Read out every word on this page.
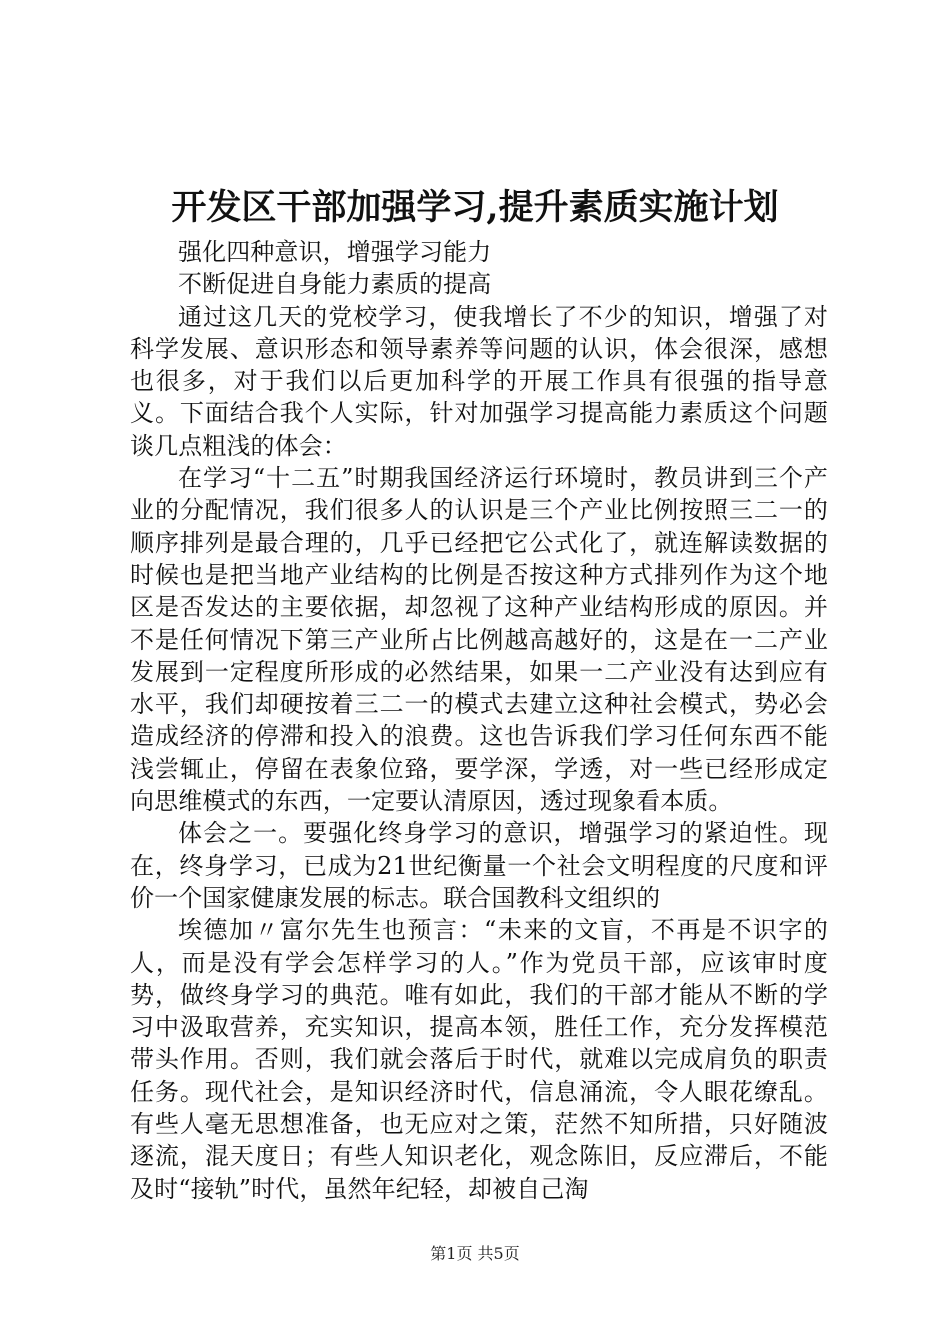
开发区干部加强学习,提升素质实施计划

强化四种意识，增强学习能力

不断促进自身能力素质的提高

通过这几天的党校学习，使我增长了不少的知识，增强了对科学发展、意识形态和领导素养等问题的认识，体会很深，感想也很多，对于我们以后更加科学的开展工作具有很强的指导意义。下面结合我个人实际，针对加强学习提高能力素质这个问题谈几点粗浅的体会：

在学习“十二五”时期我国经济运行环境时，教员讲到三个产业的分配情况，我们很多人的认识是三个产业比例按照三二一的顺序排列是最合理的，几乎已经把它公式化了，就连解读数据的时候也是把当地产业结构的比例是否按这种方式排列作为这个地区是否发达的主要依据，却忽视了这种产业结构形成的原因。并不是任何情况下第三产业所占比例越高越好的，这是在一二产业发展到一定程度所形成的必然结果，如果一二产业没有达到应有水平，我们却硬按着三二一的模式去建立这种社会模式，势必会造成经济的停滞和投入的浪费。这也告诉我们学习任何东西不能浅尝辄止，停留在表象位臵，要学深，学透，对一些已经形成定向思维模式的东西，一定要认清原因，透过现象看本质。

体会之一。要强化终身学习的意识，增强学习的紧迫性。现在，终身学习，已成为21世纪衡量一个社会文明程度的尺度和评价一个国家健康发展的标志。联合国教科文组织的

埃德加〃富尔先生也预言：“未来的文盲，不再是不识字的人，而是没有学会怎样学习的人。”作为党员干部，应该审时度势，做终身学习的典范。唯有如此，我们的干部才能从不断的学习中汲取营养，充实知识，提高本领，胜任工作，充分发挥模范带头作用。否则，我们就会落后于时代，就难以完成肩负的职责任务。现代社会，是知识经济时代，信息涌流，令人眼花缭乱。有些人毫无思想准备，也无应对之策，茫然不知所措，只好随波逐流，混天度日；有些人知识老化，观念陈旧，反应滞后，不能及时“接轨”时代，虽然年纪轻，却被自己淘

第1页 共5页
